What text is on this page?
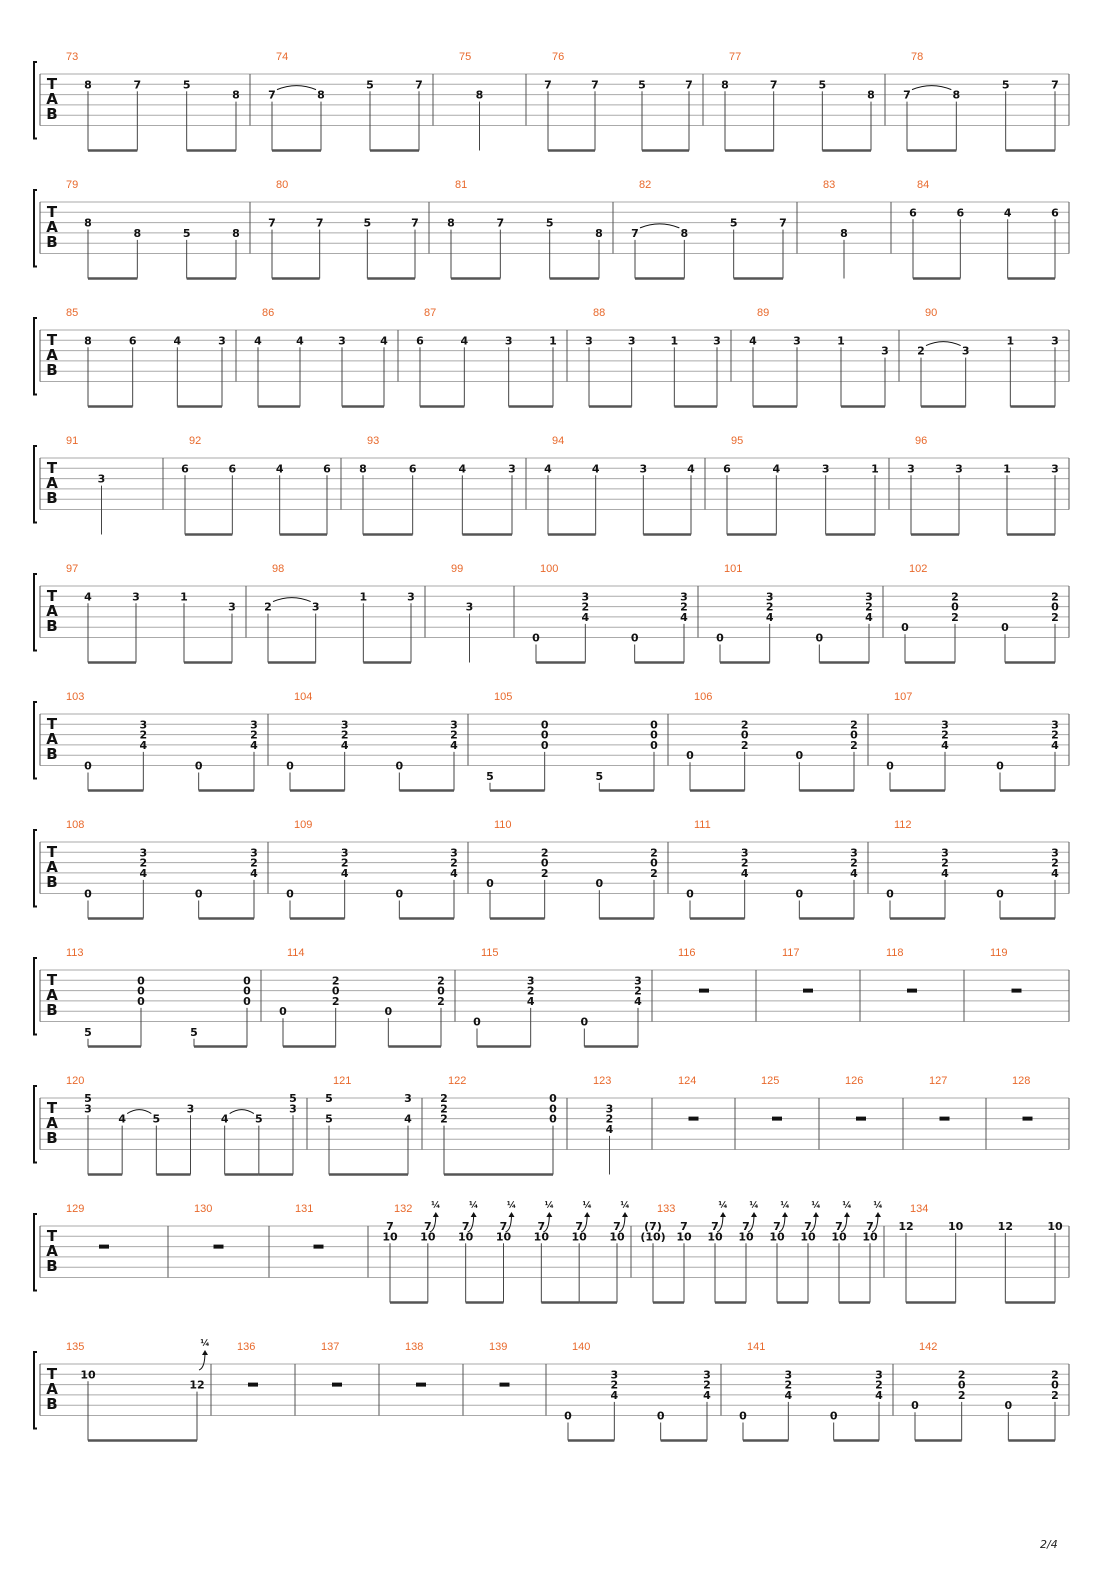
T
A
B
73
8	7	5
8
74
7	8
5	7
75
8
76
7	7	5	7
77
8	7	5
8
78
7	8
5	7
T
A
B
79
8
8	5	8
80
7	7	5	7
81
8	7	5
8
82
7	8
5	7
83
8
84
6	6	4	6
T
A
B
85
8	6	4	3
86
4	4	3	4
87
6	4	3	1
88
3	3	1	3
89
4	3	1
3
90
2	3
1	3
T
A
B
91
3
92
6	6	4	6
93
8	6	4	3
94
4	4	3	4
95
6	4	3	1
96
3	3	1	3
T
A
B
97
4	3	1
3
98
2	3
1	3
99
3
100
0
3
2
4
0
3
2
4
101
0
3
2
4
0
3
2
4
102
0
2
0
2
0
2
0
2
T
A
B
103
0
3
2
4
0
3
2
4
104
0
3
2
4
0
3
2
4
105
5
0
0
0
5
0
0
0
106
0
2
0
2
0
2
0
2
107
0
3
2
4
0
3
2
4
T
A
B
108
0
3
2
4
0
3
2
4
109
0
3
2
4
0
3
2
4
110
0
2
0
2
0
2
0
2
111
0
3
2
4
0
3
2
4
112
0
3
2
4
0
3
2
4
T
A
B
113
5
0
0
0
5
0
0
0
114
0
2
0
2
0
2
0
2
115
0
3
2
4
0
3
2
4
116	117	118	119
T
A
B
120
5
3
4 5
3
4 5
5
3
121
5
5
3
4
122
2
2
2
0
0
0
123
3
2
4
124	125	126	127	128
T
A
B
129	130	131	132
7
10
7
10
7
10
7
10
7
10
7
10
7
10
¼	¼	¼	¼	¼	¼ 133
(7)
(10)
7
10
7
10
7
10
7
10
7
10
7
10
7
10
¼ ¼ ¼ ¼ ¼ ¼ 134
12	10	12	10
T
A
B
135
10
12
¼ 136	137	138	139	140
0
3
2
4
0
3
2
4
141
0
3
2
4
0
3
2
4
142
0
2
0
2
0
2
0
2
2/4
